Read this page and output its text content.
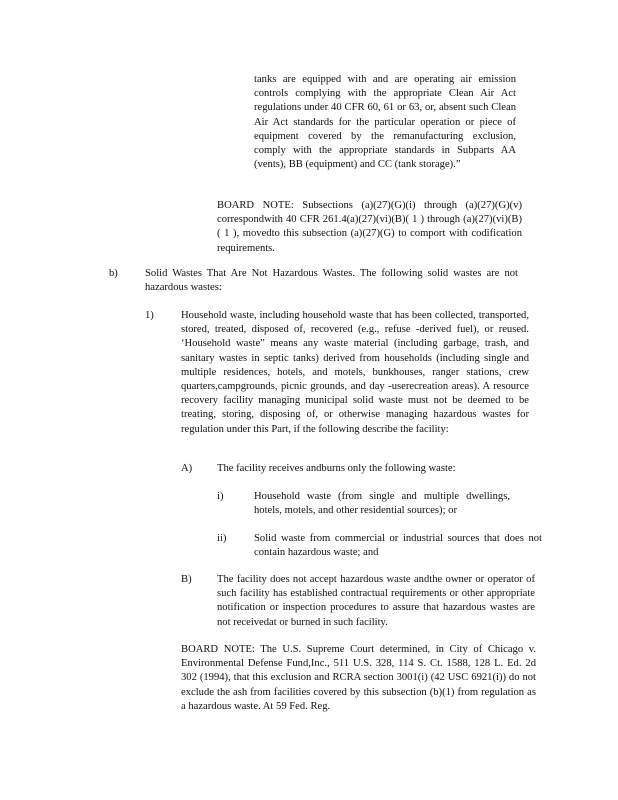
tanks are equipped with and are operating air emission controls complying with the appropriate Clean Air Act regulations under 40 CFR 60, 61 or 63, or, absent such Clean Air Act standards for the particular operation or piece of equipment covered by the remanufacturing exclusion, comply with the appropriate standards in Subparts AA (vents), BB (equipment) and CC (tank storage).”

BOARD NOTE: Subsections (a)(27)(G)(i) through (a)(27)(G)(v) correspondwith 40 CFR 261.4(a)(27)(vi)(B)( 1 ) through (a)(27)(vi)(B)( 1 ), movedto this subsection (a)(27)(G) to comport with codification requirements.

b)	Solid Wastes That Are Not Hazardous Wastes. The following solid wastes are not hazardous wastes:

1)	Household waste, including household waste that has been collected, transported, stored, treated, disposed of, recovered (e.g., refuse -derived fuel), or reused. ‘Household waste” means any waste material (including garbage, trash, and sanitary wastes in septic tanks) derived from households (including single and multiple residences, hotels, and motels, bunkhouses, ranger stations, crew quarters,campgrounds, picnic grounds, and day -userecreation areas). A resource recovery facility managing municipal solid waste must not be deemed to be treating, storing, disposing of, or otherwise managing hazardous wastes for regulation under this Part, if the following describe the facility:

A) The facility receives andburns only the following waste:

i)	Household waste (from single and multiple dwellings, hotels, motels, and other residential sources); or

ii)	Solid waste from commercial or industrial sources that does not contain hazardous waste; and

B) The facility does not accept hazardous waste andthe owner or operator of such facility has established contractual requirements or other appropriate notification or inspection procedures to assure that hazardous wastes are not receivedat or burned in such facility.

BOARD NOTE: The U.S. Supreme Court determined, in City of Chicago v. Environmental Defense Fund,Inc., 511 U.S. 328, 114 S. Ct. 1588, 128 L. Ed. 2d 302 (1994), that this exclusion and RCRA section 3001(i) (42 USC 6921(i)) do not exclude the ash from facilities covered by this subsection (b)(1) from regulation as a hazardous waste. At 59 Fed. Reg.
